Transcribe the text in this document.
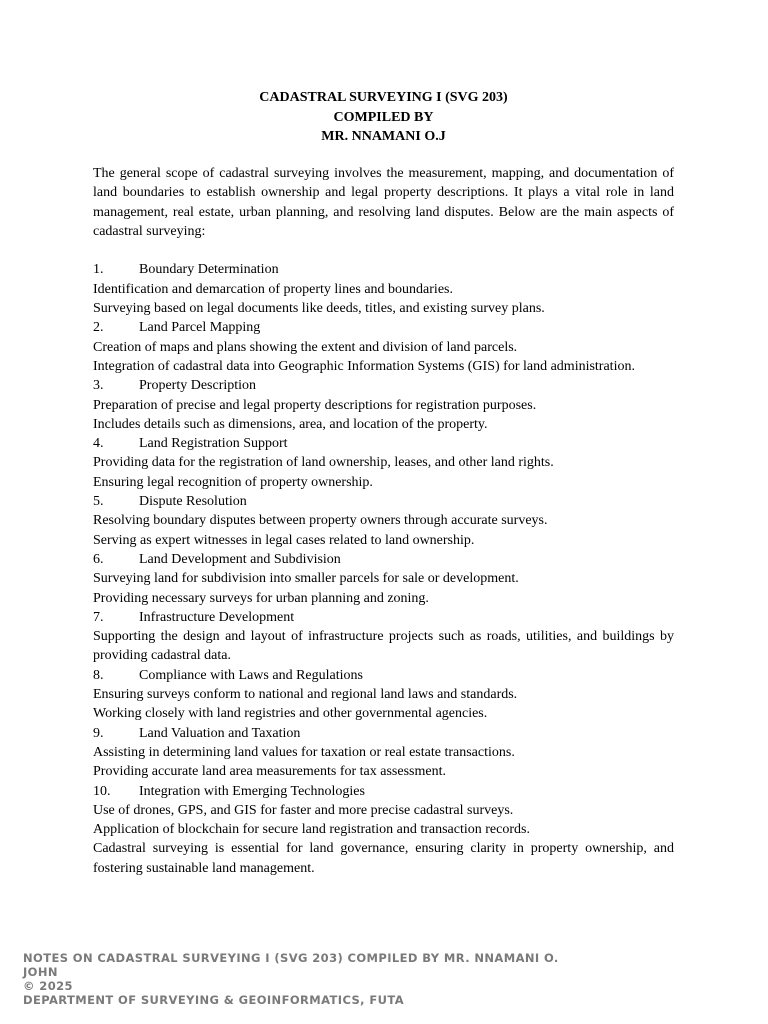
CADASTRAL SURVEYING I (SVG 203)
COMPILED BY
MR. NNAMANI O.J

The general scope of cadastral surveying involves the measurement, mapping, and documentation of land boundaries to establish ownership and legal property descriptions. It plays a vital role in land management, real estate, urban planning, and resolving land disputes. Below are the main aspects of cadastral surveying:

1.	Boundary Determination

Identification and demarcation of property lines and boundaries.

Surveying based on legal documents like deeds, titles, and existing survey plans.

2.	Land Parcel Mapping

Creation of maps and plans showing the extent and division of land parcels.

Integration of cadastral data into Geographic Information Systems (GIS) for land administration.

3.	Property Description

Preparation of precise and legal property descriptions for registration purposes.

Includes details such as dimensions, area, and location of the property.

4.	Land Registration Support

Providing data for the registration of land ownership, leases, and other land rights.

Ensuring legal recognition of property ownership.

5.	Dispute Resolution

Resolving boundary disputes between property owners through accurate surveys.

Serving as expert witnesses in legal cases related to land ownership.

6.	Land Development and Subdivision

Surveying land for subdivision into smaller parcels for sale or development.

Providing necessary surveys for urban planning and zoning.

7.	Infrastructure Development

Supporting the design and layout of infrastructure projects such as roads, utilities, and buildings by providing cadastral data.

8.	Compliance with Laws and Regulations

Ensuring surveys conform to national and regional land laws and standards.

Working closely with land registries and other governmental agencies.

9.	Land Valuation and Taxation

Assisting in determining land values for taxation or real estate transactions.

Providing accurate land area measurements for tax assessment.

10. Integration with Emerging Technologies

Use of drones, GPS, and GIS for faster and more precise cadastral surveys.

Application of blockchain for secure land registration and transaction records.

Cadastral surveying is essential for land governance, ensuring clarity in property ownership, and fostering sustainable land management.

NOTES ON CADASTRAL SURVEYING I (SVG 203) COMPILED BY MR. NNAMANI O.
JOHN
© 2025
DEPARTMENT OF SURVEYING & GEOINFORMATICS, FUTA
